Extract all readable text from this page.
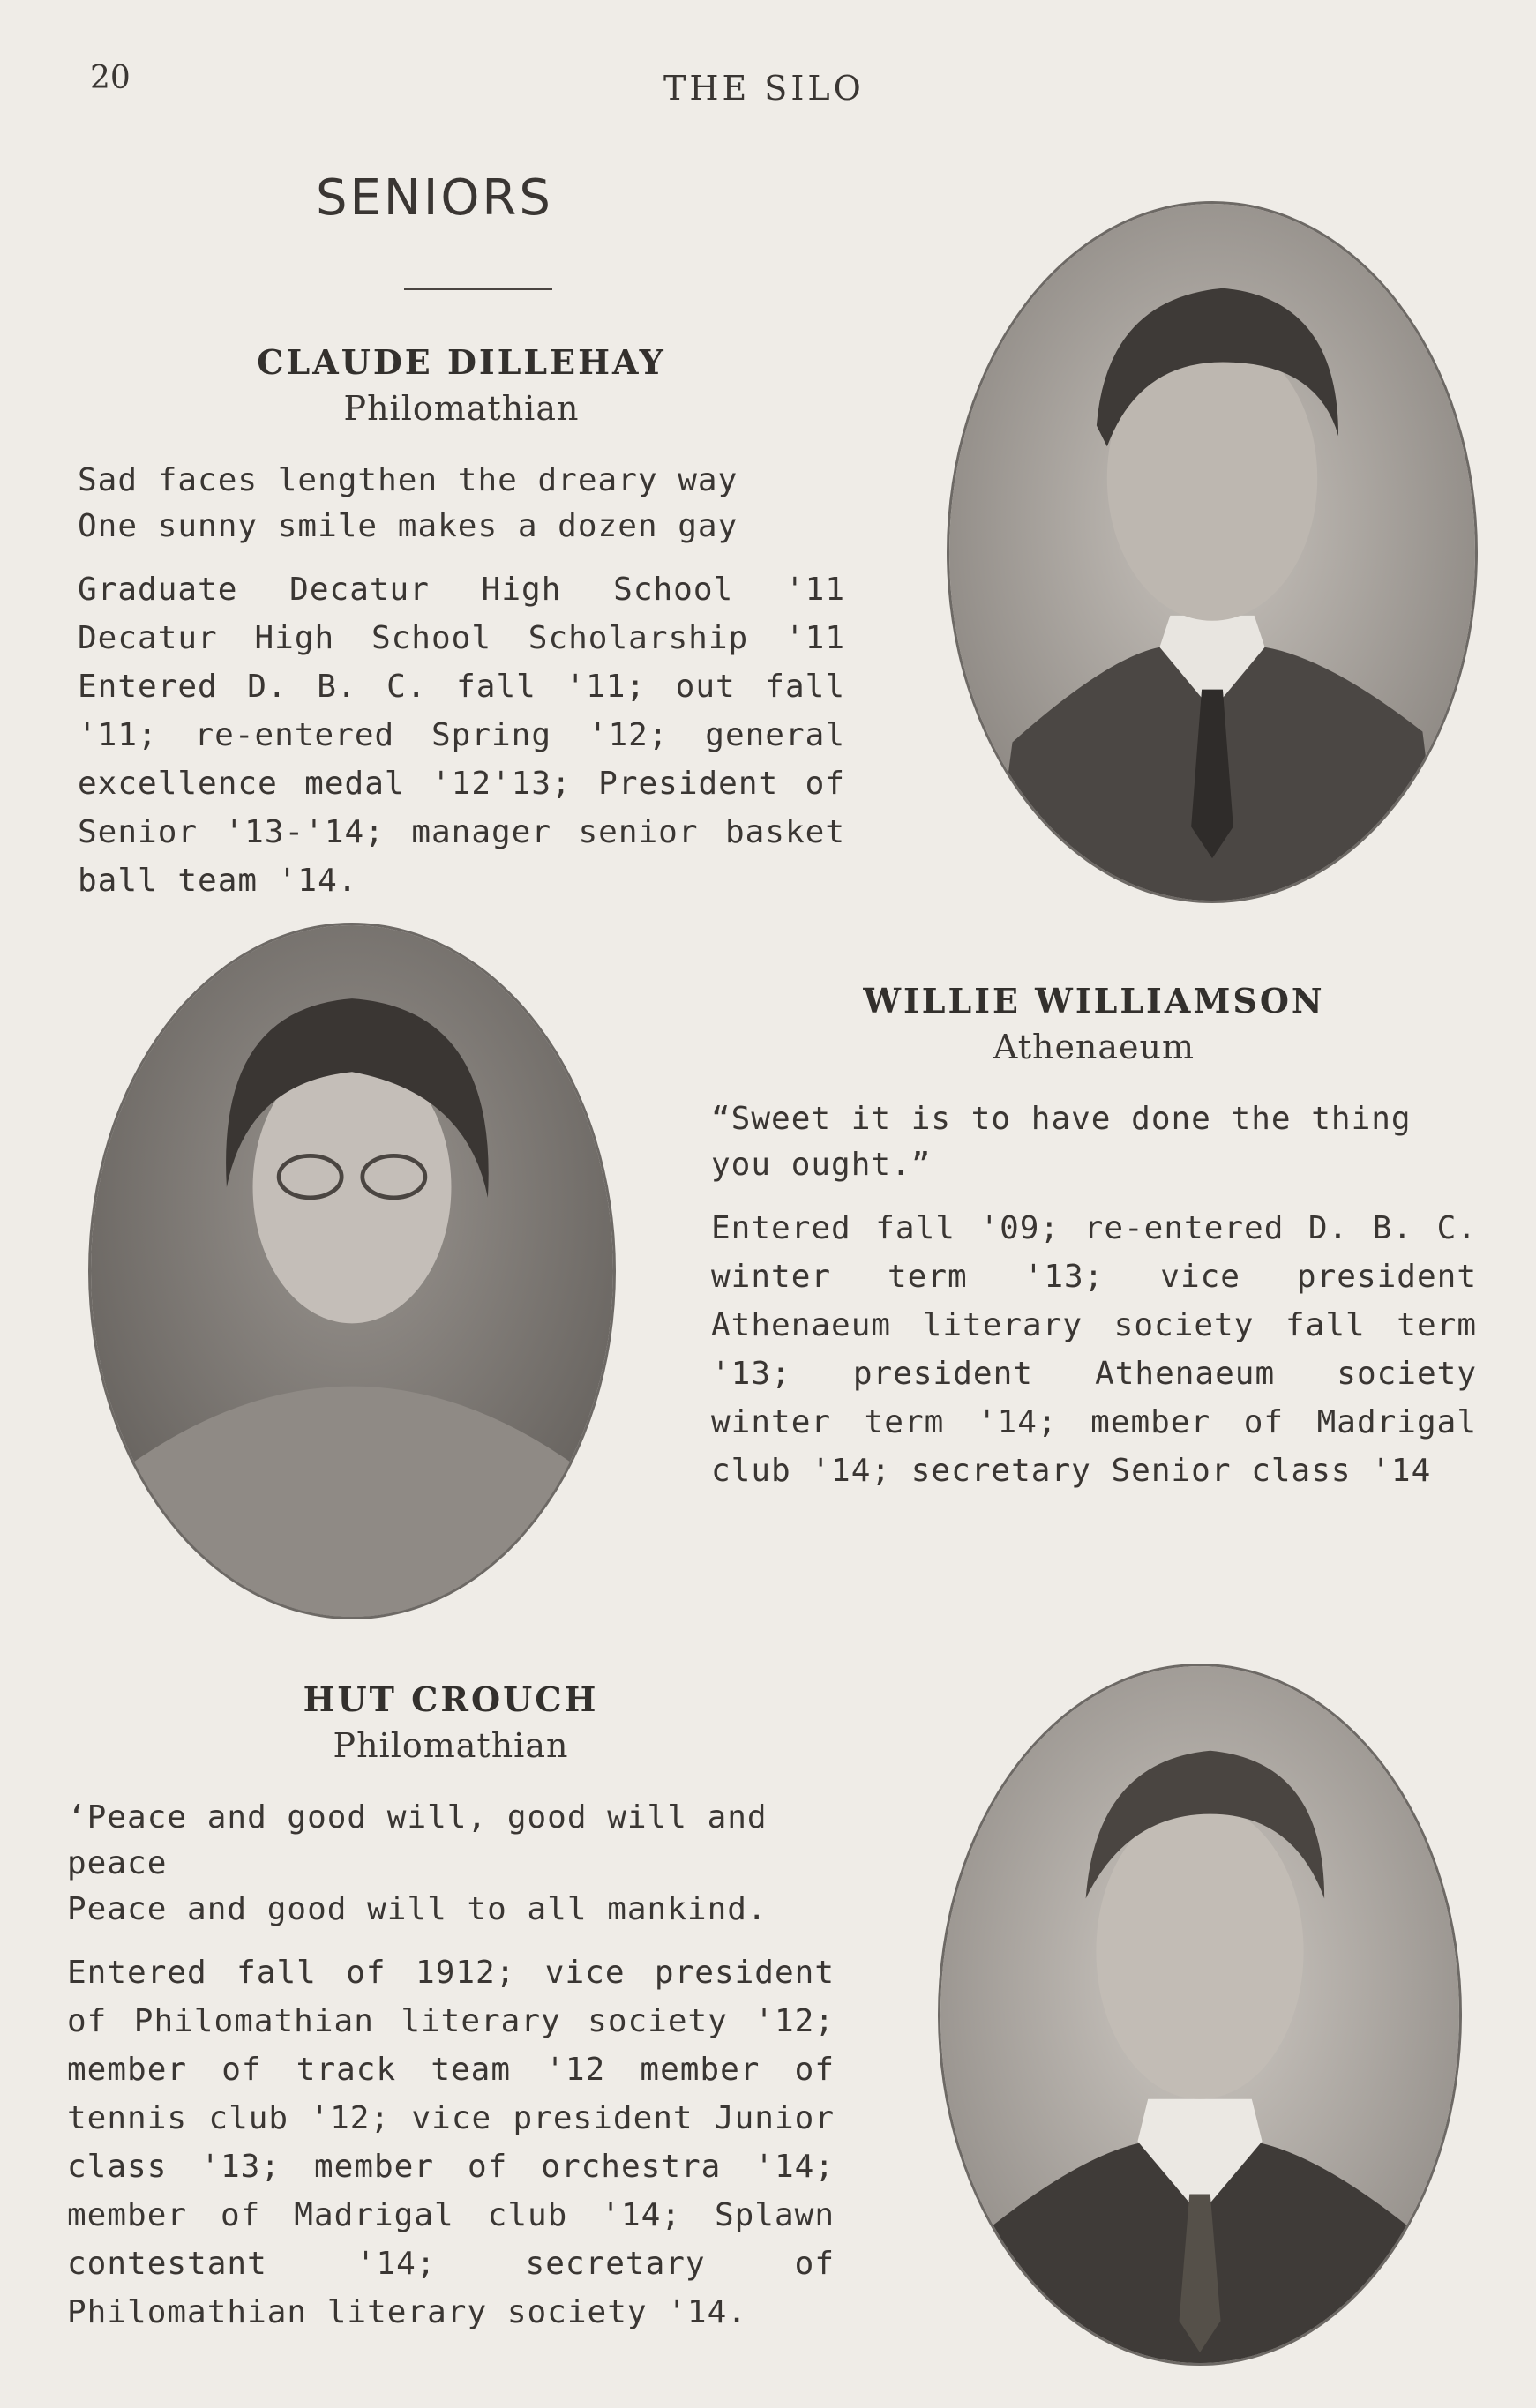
20	THE SILO
SENIORS
CLAUDE DILLEHAY
Philomathian
Sad faces lengthen the dreary way
One sunny smile makes a dozen gay
Graduate Decatur High School '11 Decatur High School Scholarship '11 Entered D. B. C. fall '11; out fall '11; re-entered Spring '12; general excellence medal '12'13; President of Senior '13-'14; manager senior basket ball team '14.
WILLIE WILLIAMSON
Athenaeum
“Sweet it is to have done the thing you ought.”
Entered fall '09; re-entered D. B. C. winter term '13; vice president Athenaeum literary society fall term '13; president Athenaeum society winter term '14; member of Madrigal club '14; secretary Senior class '14
HUT CROUCH
Philomathian
‘Peace and good will, good will and peace
Peace and good will to all mankind.
Entered fall of 1912; vice president of Philomathian literary society '12; member of track team '12 member of tennis club '12; vice president Junior class '13; member of orchestra '14; member of Madrigal club '14; Splawn contestant '14; secretary of Philomathian literary society '14.
